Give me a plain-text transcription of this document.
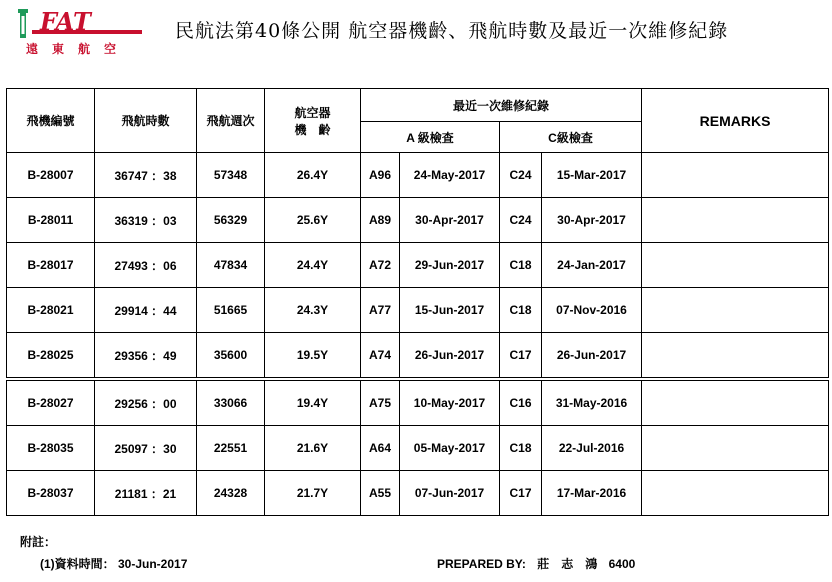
FAT
遠東航空
民航法第40條公開 航空器機齡、飛航時數及最近一次維修紀錄
飛機編號	飛航時數	飛航週次	航空器
機　齡	最近一次維修紀錄				REMARKS
				A 級檢查		C級檢查		
B-28007	36747 ：38	57348	26.4Y	A96	24-May-2017	C24	15-Mar-2017	
B-28011	36319 ：03	56329	25.6Y	A89	30-Apr-2017	C24	30-Apr-2017	
B-28017	27493 ：06	47834	24.4Y	A72	29-Jun-2017	C18	24-Jan-2017	
B-28021	29914 ：44	51665	24.3Y	A77	15-Jun-2017	C18	07-Nov-2016	
B-28025	29356 ：49	35600	19.5Y	A74	26-Jun-2017	C17	26-Jun-2017	
B-28027	29256 ：00	33066	19.4Y	A75	10-May-2017	C16	31-May-2016	
B-28035	25097 ：30	22551	21.6Y	A64	05-May-2017	C18	22-Jul-2016	
B-28037	21181 ：21	24328	21.7Y	A55	07-Jun-2017	C17	17-Mar-2016	
附註：
(1)資料時間： 30-Jun-2017	PREPARED BY: 莊　志　鴻 6400
